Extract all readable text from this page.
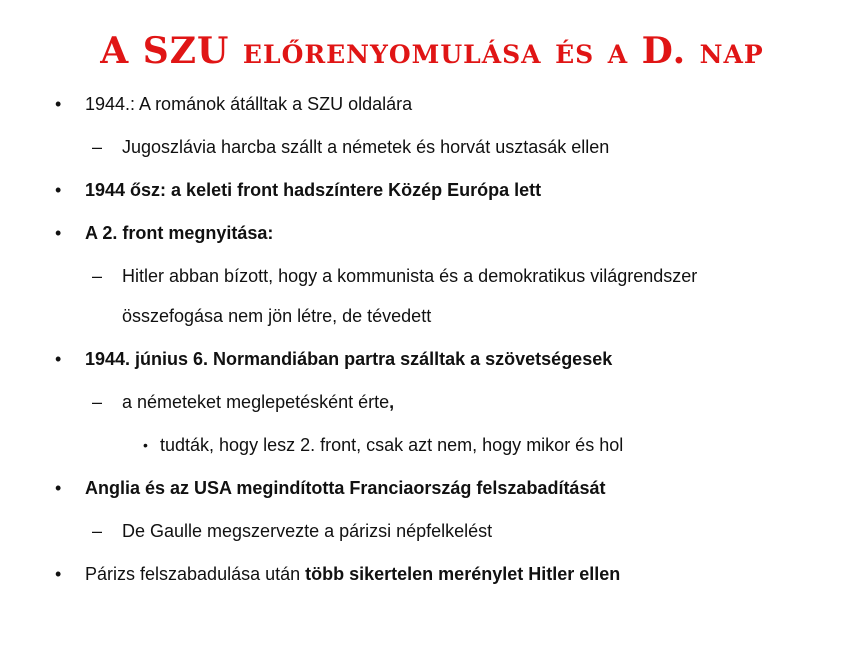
A SZU előrenyomulása és a D. nap
• 1944.: A románok átálltak a SZU oldalára
– Jugoszlávia harcba szállt a németek és horvát usztasák ellen
• 1944 ősz: a keleti front hadszíntere Közép Európa lett
• A 2. front megnyitása:
– Hitler abban bízott, hogy a kommunista és a demokratikus világrendszer
összefogása nem jön létre, de tévedett
• 1944. június 6. Normandiában partra szálltak a szövetségesek
– a németeket meglepetésként érte,
• tudták, hogy lesz 2. front, csak azt nem, hogy mikor és hol
• Anglia és az USA megindította Franciaország felszabadítását
– De Gaulle megszervezte a párizsi népfelkelést
• Párizs felszabadulása után több sikertelen merénylet Hitler ellen
